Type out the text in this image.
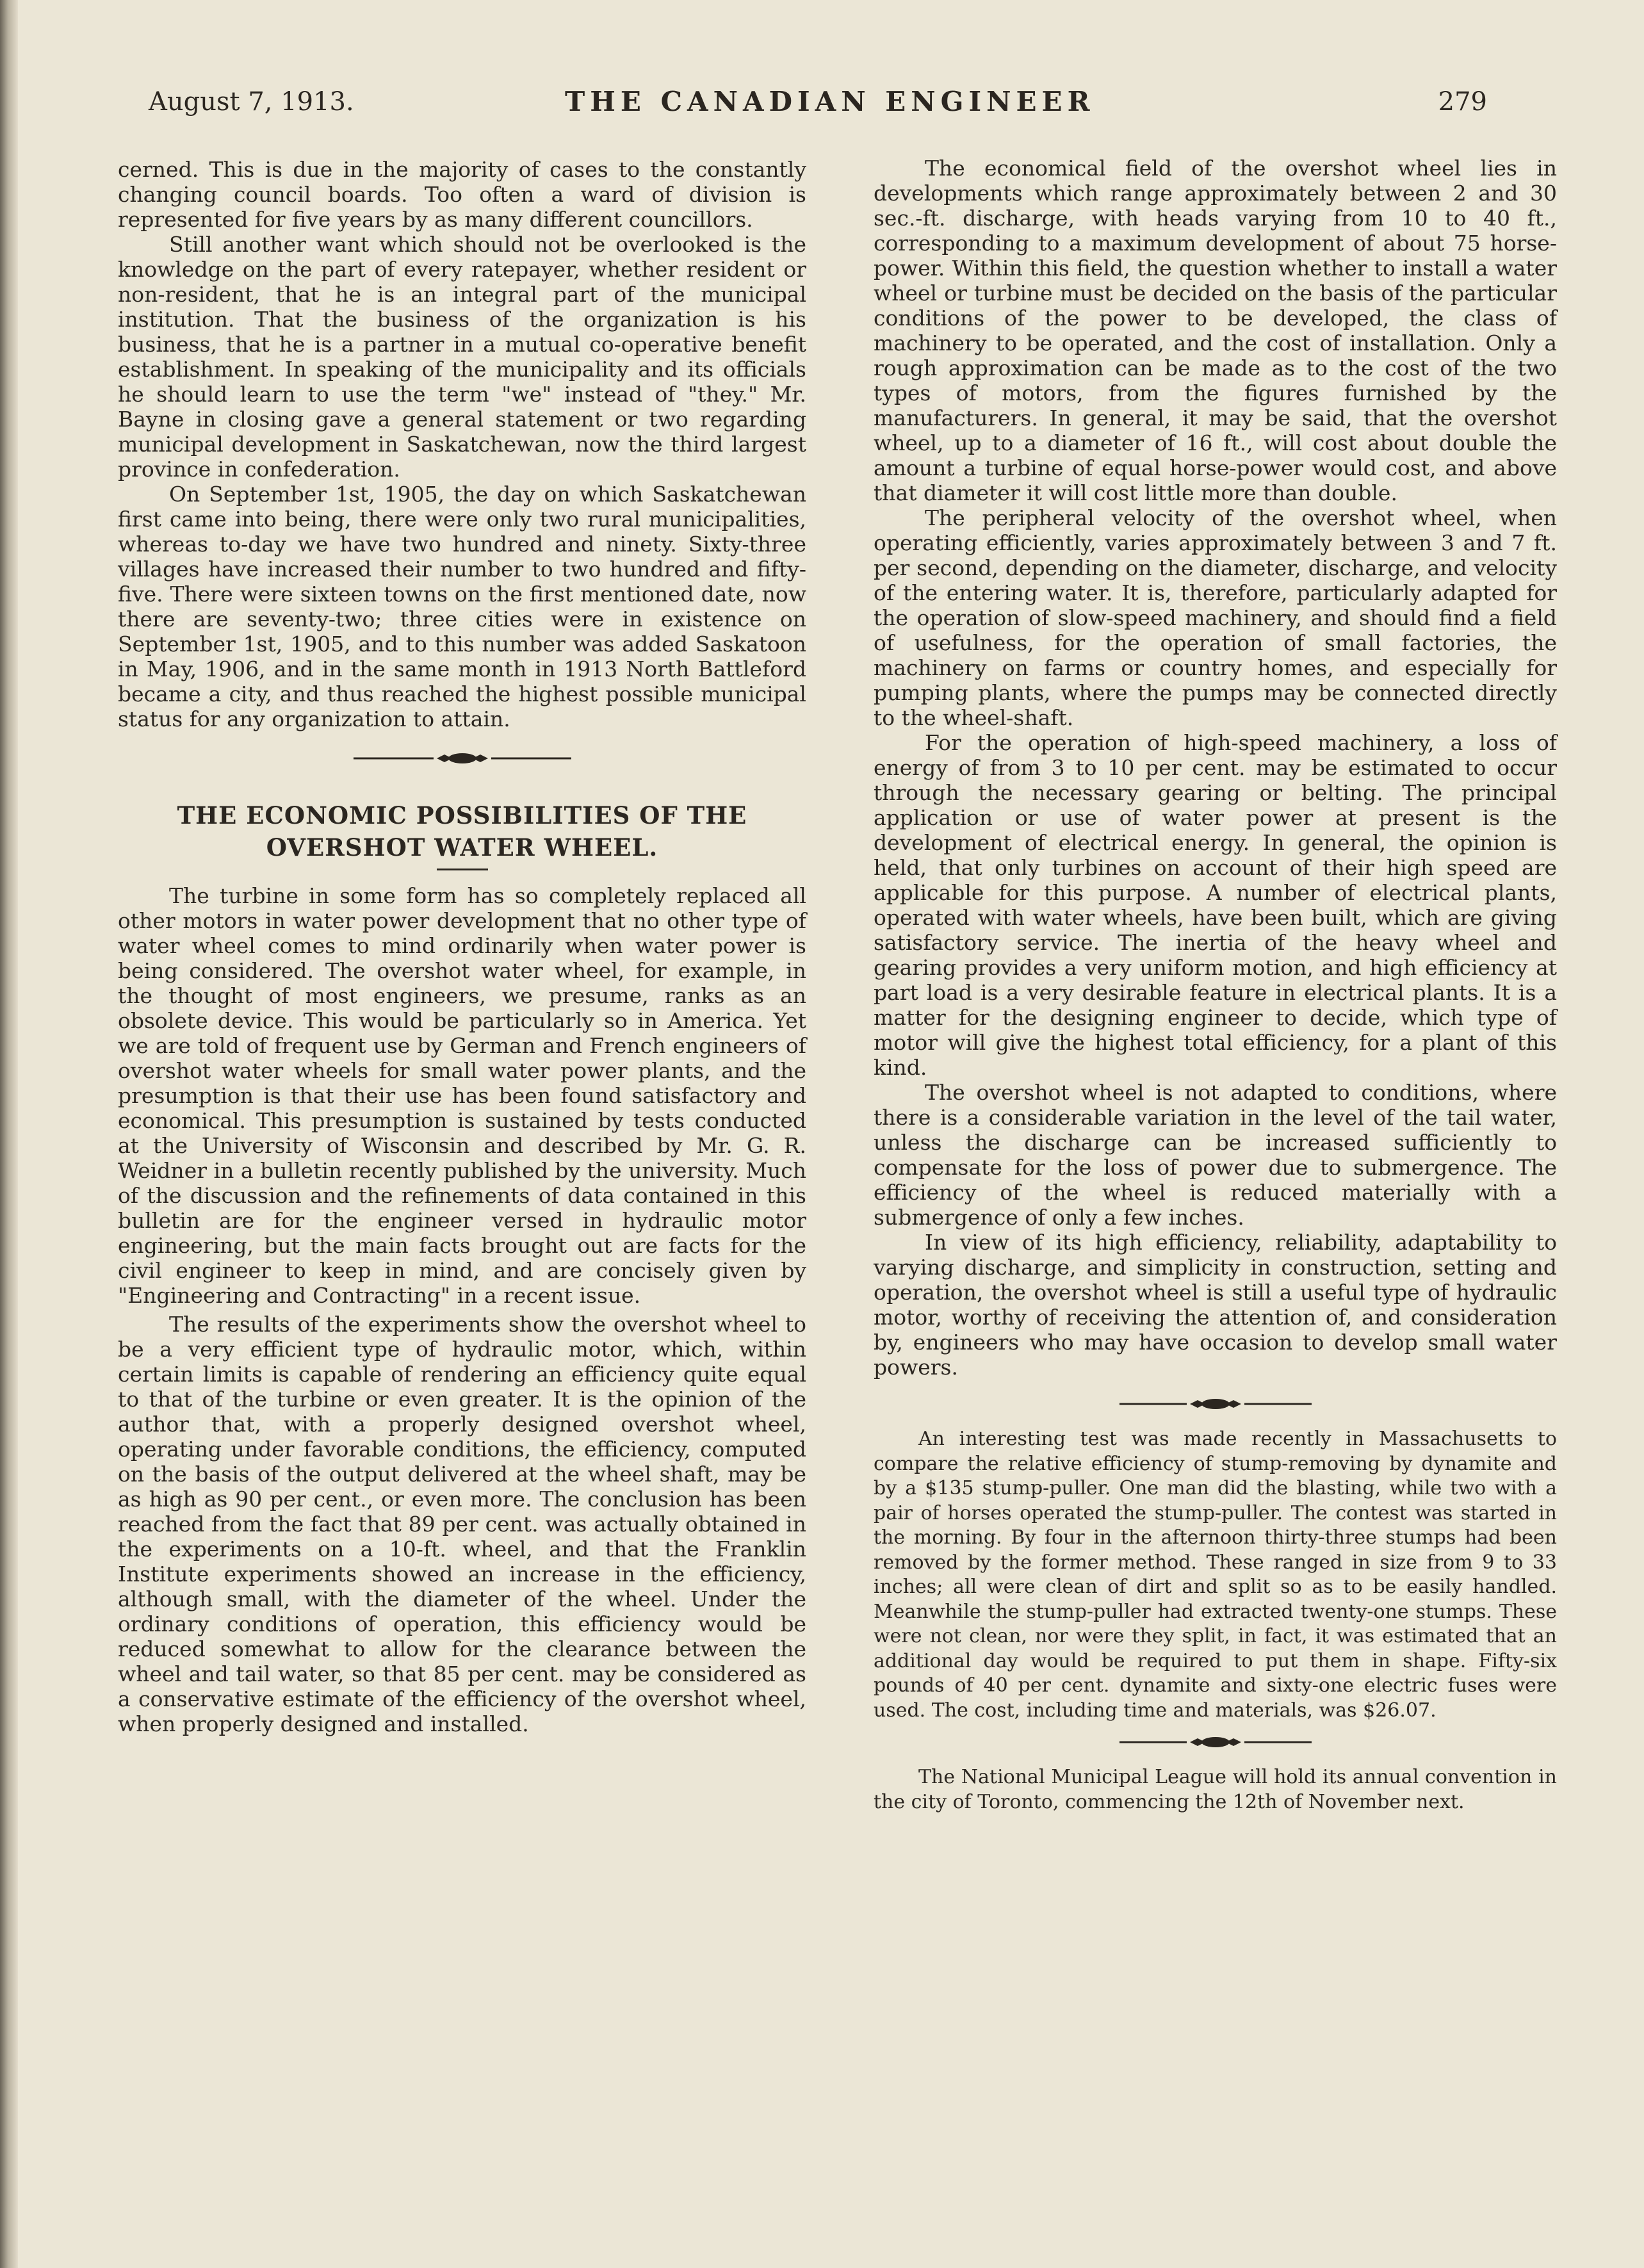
August 7, 1913.	THE CANADIAN ENGINEER	279

cerned. This is due in the majority of cases to the constantly changing council boards. Too often a ward of division is represented for five years by as many different councillors.

Still another want which should not be overlooked is the knowledge on the part of every ratepayer, whether resident or non-resident, that he is an integral part of the municipal institution. That the business of the organization is his business, that he is a partner in a mutual co-operative benefit establishment. In speaking of the municipality and its officials he should learn to use the term "we" instead of "they." Mr. Bayne in closing gave a general statement or two regarding municipal development in Saskatchewan, now the third largest province in confederation.

On September 1st, 1905, the day on which Saskatchewan first came into being, there were only two rural municipalities, whereas to-day we have two hundred and ninety. Sixty-three villages have increased their number to two hundred and fifty-five. There were sixteen towns on the first mentioned date, now there are seventy-two; three cities were in existence on September 1st, 1905, and to this number was added Saskatoon in May, 1906, and in the same month in 1913 North Battleford became a city, and thus reached the highest possible municipal status for any organization to attain.

THE ECONOMIC POSSIBILITIES OF THE
OVERSHOT WATER WHEEL.

The turbine in some form has so completely replaced all other motors in water power development that no other type of water wheel comes to mind ordinarily when water power is being considered. The overshot water wheel, for example, in the thought of most engineers, we presume, ranks as an obsolete device. This would be particularly so in America. Yet we are told of frequent use by German and French engineers of overshot water wheels for small water power plants, and the presumption is that their use has been found satisfactory and economical. This presumption is sustained by tests conducted at the University of Wisconsin and described by Mr. G. R. Weidner in a bulletin recently published by the university. Much of the discussion and the refinements of data contained in this bulletin are for the engineer versed in hydraulic motor engineering, but the main facts brought out are facts for the civil engineer to keep in mind, and are concisely given by "Engineering and Contracting" in a recent issue.

The results of the experiments show the overshot wheel to be a very efficient type of hydraulic motor, which, within certain limits is capable of rendering an efficiency quite equal to that of the turbine or even greater. It is the opinion of the author that, with a properly designed overshot wheel, operating under favorable conditions, the efficiency, computed on the basis of the output delivered at the wheel shaft, may be as high as 90 per cent., or even more. The conclusion has been reached from the fact that 89 per cent. was actually obtained in the experiments on a 10-ft. wheel, and that the Franklin Institute experiments showed an increase in the efficiency, although small, with the diameter of the wheel. Under the ordinary conditions of operation, this efficiency would be reduced somewhat to allow for the clearance between the wheel and tail water, so that 85 per cent. may be considered as a conservative estimate of the efficiency of the overshot wheel, when properly designed and installed.

The economical field of the overshot wheel lies in developments which range approximately between 2 and 30 sec.-ft. discharge, with heads varying from 10 to 40 ft., corresponding to a maximum development of about 75 horse-power. Within this field, the question whether to install a water wheel or turbine must be decided on the basis of the particular conditions of the power to be developed, the class of machinery to be operated, and the cost of installation. Only a rough approximation can be made as to the cost of the two types of motors, from the figures furnished by the manufacturers. In general, it may be said, that the overshot wheel, up to a diameter of 16 ft., will cost about double the amount a turbine of equal horse-power would cost, and above that diameter it will cost little more than double.

The peripheral velocity of the overshot wheel, when operating efficiently, varies approximately between 3 and 7 ft. per second, depending on the diameter, discharge, and velocity of the entering water. It is, therefore, particularly adapted for the operation of slow-speed machinery, and should find a field of usefulness, for the operation of small factories, the machinery on farms or country homes, and especially for pumping plants, where the pumps may be connected directly to the wheel-shaft.

For the operation of high-speed machinery, a loss of energy of from 3 to 10 per cent. may be estimated to occur through the necessary gearing or belting. The principal application or use of water power at present is the development of electrical energy. In general, the opinion is held, that only turbines on account of their high speed are applicable for this purpose. A number of electrical plants, operated with water wheels, have been built, which are giving satisfactory service. The inertia of the heavy wheel and gearing provides a very uniform motion, and high efficiency at part load is a very desirable feature in electrical plants. It is a matter for the designing engineer to decide, which type of motor will give the highest total efficiency, for a plant of this kind.

The overshot wheel is not adapted to conditions, where there is a considerable variation in the level of the tail water, unless the discharge can be increased sufficiently to compensate for the loss of power due to submergence. The efficiency of the wheel is reduced materially with a submergence of only a few inches.

In view of its high efficiency, reliability, adaptability to varying discharge, and simplicity in construction, setting and operation, the overshot wheel is still a useful type of hydraulic motor, worthy of receiving the attention of, and consideration by, engineers who may have occasion to develop small water powers.

An interesting test was made recently in Massachusetts to compare the relative efficiency of stump-removing by dynamite and by a $135 stump-puller. One man did the blasting, while two with a pair of horses operated the stump-puller. The contest was started in the morning. By four in the afternoon thirty-three stumps had been removed by the former method. These ranged in size from 9 to 33 inches; all were clean of dirt and split so as to be easily handled. Meanwhile the stump-puller had extracted twenty-one stumps. These were not clean, nor were they split, in fact, it was estimated that an additional day would be required to put them in shape. Fifty-six pounds of 40 per cent. dynamite and sixty-one electric fuses were used. The cost, including time and materials, was $26.07.

The National Municipal League will hold its annual convention in the city of Toronto, commencing the 12th of November next.
